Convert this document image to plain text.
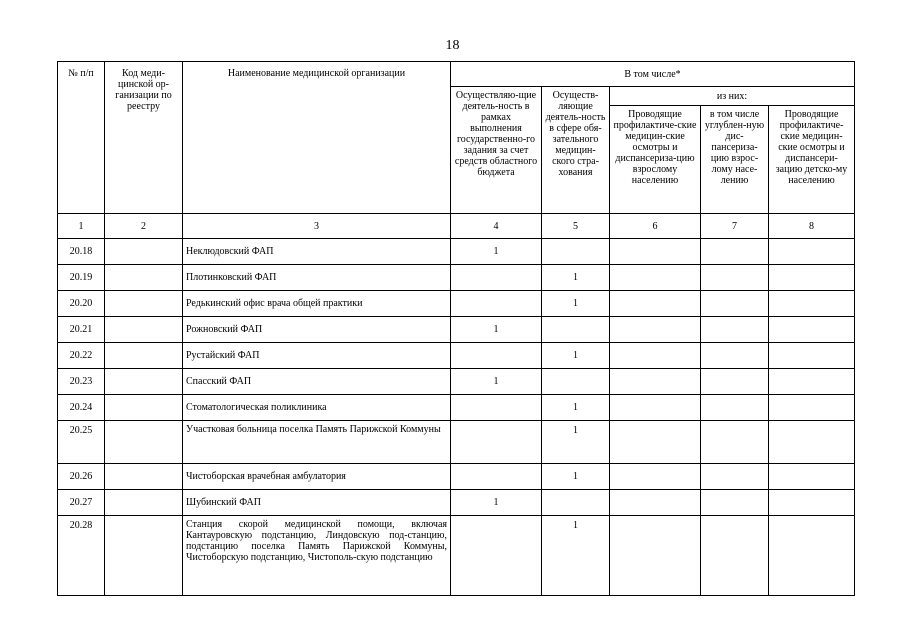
18
№ п/п	Код меди-цинской ор-ганизации по реестру	Наименование медицинской организации	В том числе*				
			Осуществляю-щие деятель-ность в рамках выполнения государственно-го задания за счет средств областного бюджета	Осуществ-ляющие деятель-ность в сфере обя-зательного медицин-ского стра-хования	из них:		
					Проводящие профилактиче-ские медицин-ские осмотры и диспансериза-цию взрослому населению	в том числе углублен-ную дис-пансериза-цию взрос-лому насе-лению	Проводящие профилактиче-ские медицин-ские осмотры и диспансери-зацию детско-му населению
1	2	3	4	5	6	7	8
20.18		Неклюдовский ФАП	1				
20.19		Плотинковский ФАП		1			
20.20		Редькинский офис врача общей практики		1			
20.21		Рожновский ФАП	1				
20.22		Рустайский ФАП		1			
20.23		Спасский ФАП	1				
20.24		Стоматологическая поликлиника		1			
20.25		Участковая больница поселка Память Парижской Коммуны		1			
20.26		Чистоборская врачебная амбулатория		1			
20.27		Шубинский ФАП	1				
20.28		Станция скорой медицинской помощи, включая Кантауровскую подстанцию, Линдовскую под-станцию, подстанцию поселка Память Парижской Коммуны, Чистоборскую подстанцию, Чистополь-скую подстанцию		1			
